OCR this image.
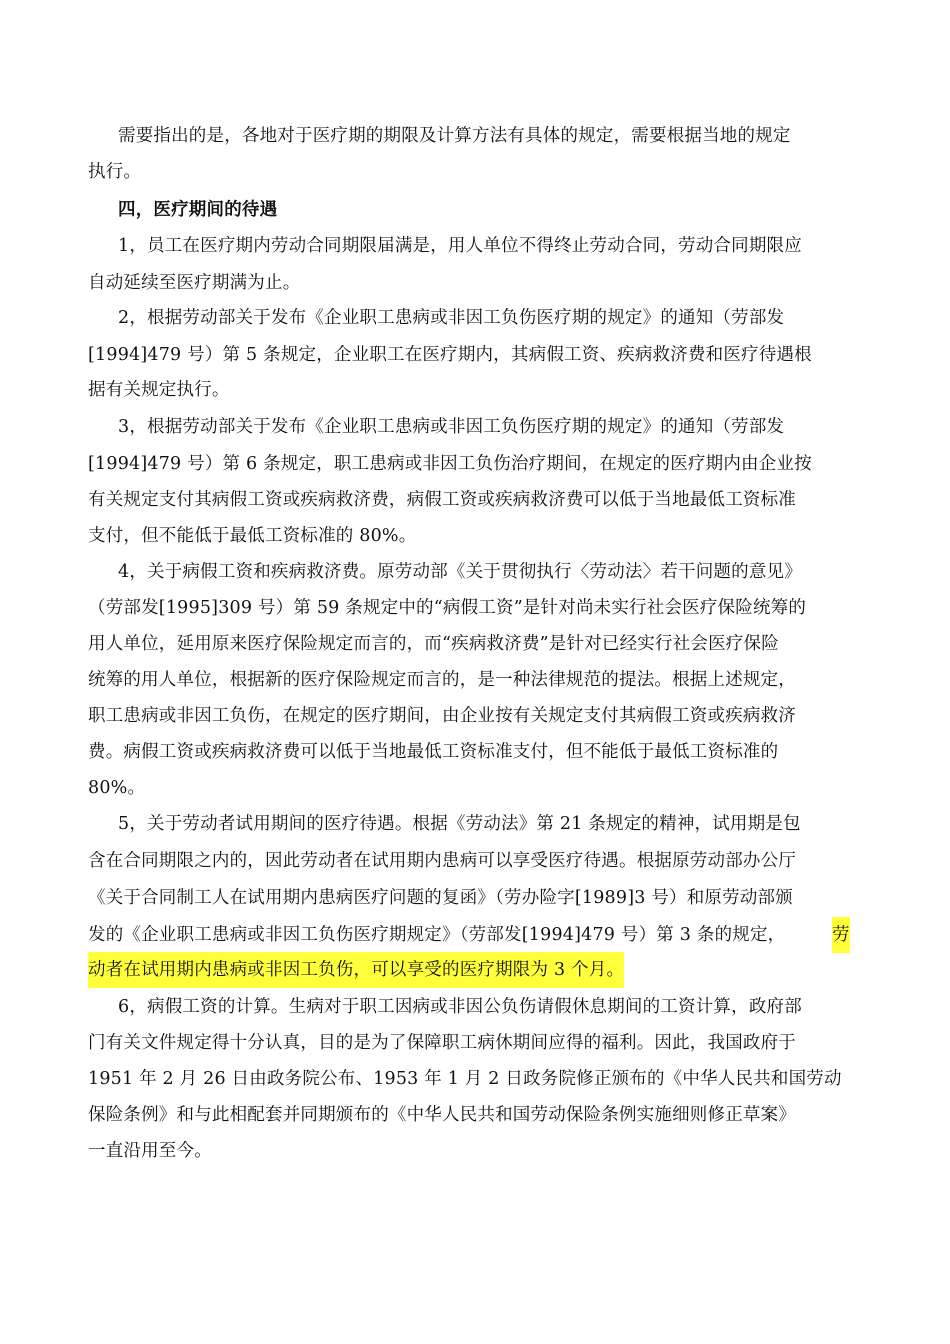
需要指出的是，各地对于医疗期的期限及计算方法有具体的规定，需要根据当地的规定
执行。
四，医疗期间的待遇
1，员工在医疗期内劳动合同期限届满是，用人单位不得终止劳动合同，劳动合同期限应
自动延续至医疗期满为止。
2，根据劳动部关于发布《企业职工患病或非因工负伤医疗期的规定》的通知（劳部发
[1994]479 号）第 5 条规定，企业职工在医疗期内，其病假工资、疾病救济费和医疗待遇根
据有关规定执行。
3，根据劳动部关于发布《企业职工患病或非因工负伤医疗期的规定》的通知（劳部发
[1994]479 号）第 6 条规定，职工患病或非因工负伤治疗期间，在规定的医疗期内由企业按
有关规定支付其病假工资或疾病救济费，病假工资或疾病救济费可以低于当地最低工资标准
支付，但不能低于最低工资标准的 80%。
4，关于病假工资和疾病救济费。原劳动部《关于贯彻执行〈劳动法〉若干问题的意见》
（劳部发[1995]309 号）第 59 条规定中的“病假工资”是针对尚未实行社会医疗保险统筹的
用人单位，延用原来医疗保险规定而言的，而“疾病救济费”是针对已经实行社会医疗保险
统筹的用人单位，根据新的医疗保险规定而言的，是一种法律规范的提法。根据上述规定，
职工患病或非因工负伤，在规定的医疗期间，由企业按有关规定支付其病假工资或疾病救济
费。病假工资或疾病救济费可以低于当地最低工资标准支付，但不能低于最低工资标准的
80%。
5，关于劳动者试用期间的医疗待遇。根据《劳动法》第 21 条规定的精神，试用期是包
含在合同期限之内的，因此劳动者在试用期内患病可以享受医疗待遇。根据原劳动部办公厅
《关于合同制工人在试用期内患病医疗问题的复函》（劳办险字[1989]3 号）和原劳动部颁
发的《企业职工患病或非因工负伤医疗期规定》（劳部发[1994]479 号）第 3 条的规定，	劳
动者在试用期内患病或非因工负伤，可以享受的医疗期限为 3 个月。
6，病假工资的计算。生病对于职工因病或非因公负伤请假休息期间的工资计算，政府部
门有关文件规定得十分认真，目的是为了保障职工病休期间应得的福利。因此，我国政府于
1951 年 2 月 26 日由政务院公布、1953 年 1 月 2 日政务院修正颁布的《中华人民共和国劳动
保险条例》和与此相配套并同期颁布的《中华人民共和国劳动保险条例实施细则修正草案》
一直沿用至今。
